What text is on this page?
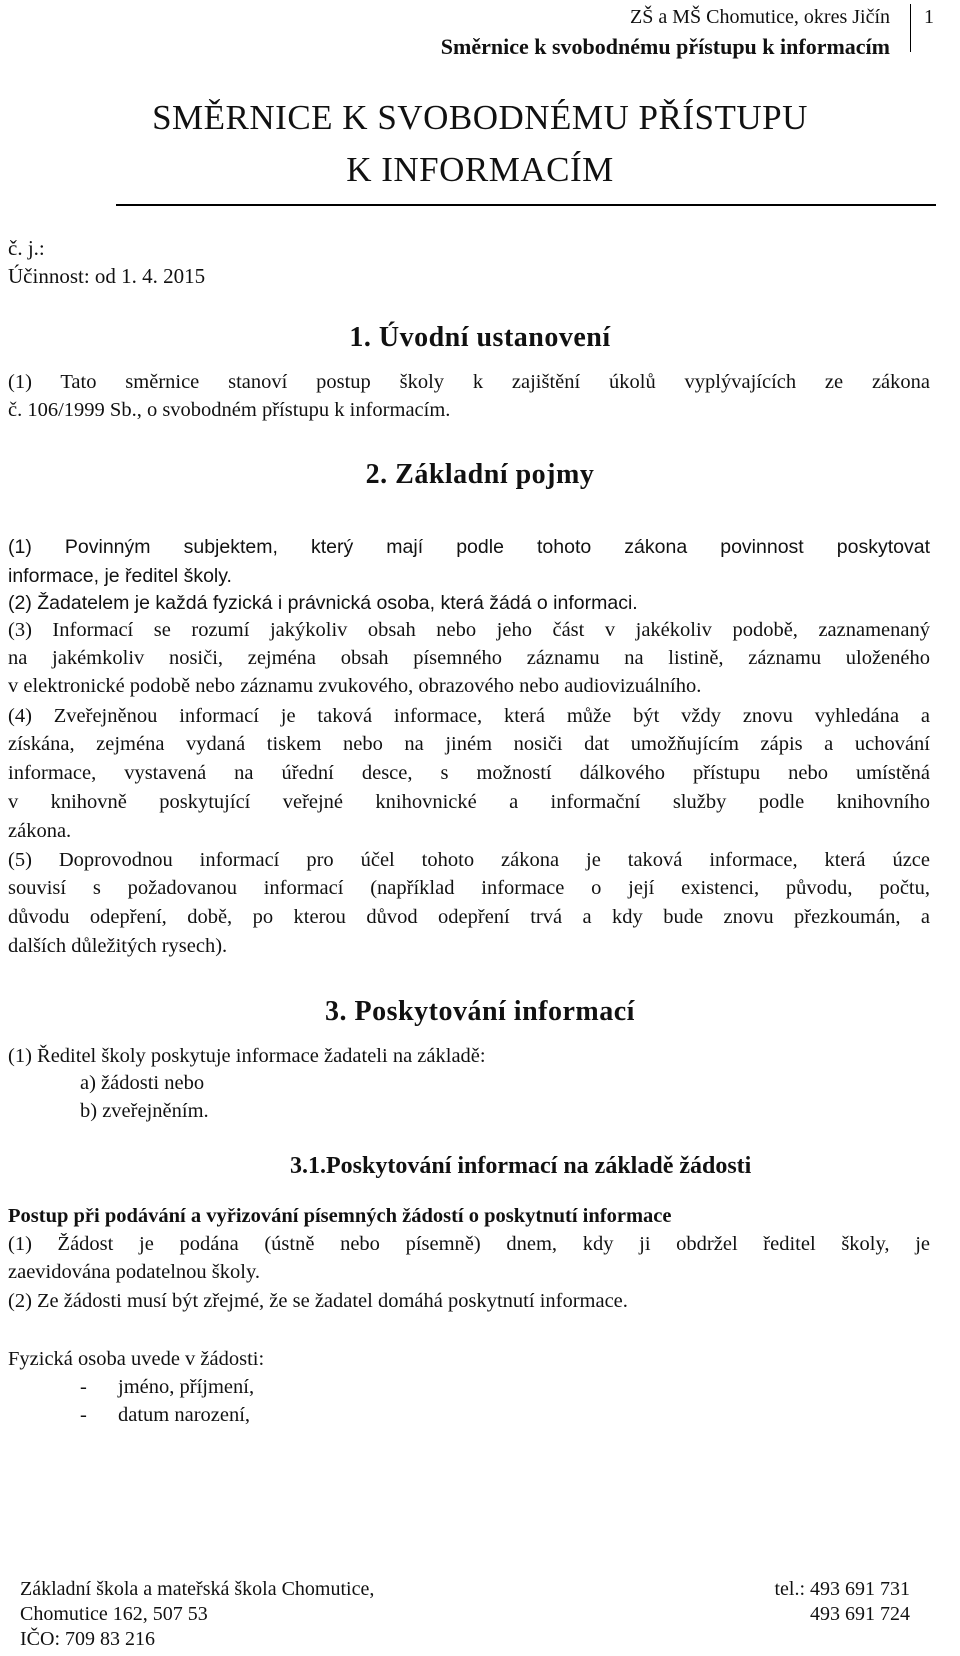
ZŠ a MŠ Chomutice, okres Jičín
Směrnice k svobodnému přístupu k informacím
1
SMĚRNICE K SVOBODNÉMU PŘÍSTUPU
K INFORMACÍM
č. j.:
Účinnost: od 1. 4. 2015
1. Úvodní ustanovení
(1) Tato směrnice stanoví postup školy k zajištění úkolů vyplývajících ze zákona
č. 106/1999 Sb., o svobodném přístupu k informacím.
2. Základní pojmy
(1) Povinným subjektem, který mají podle tohoto zákona povinnost poskytovat
informace, je ředitel školy.
(2) Žadatelem je každá fyzická i právnická osoba, která žádá o informaci.
(3) Informací se rozumí jakýkoliv obsah nebo jeho část v jakékoliv podobě, zaznamenaný
na jakémkoliv nosiči, zejména obsah písemného záznamu na listině, záznamu uloženého
v elektronické podobě nebo záznamu zvukového, obrazového nebo audiovizuálního.
(4) Zveřejněnou informací je taková informace, která může být vždy znovu vyhledána a
získána, zejména vydaná tiskem nebo na jiném nosiči dat umožňujícím zápis a uchování
informace, vystavená na úřední desce, s možností dálkového přístupu nebo umístěná
v knihovně poskytující veřejné knihovnické a informační služby podle knihovního
zákona.
(5) Doprovodnou informací pro účel tohoto zákona je taková informace, která úzce
souvisí s požadovanou informací (například informace o její existenci, původu, počtu,
důvodu odepření, době, po kterou důvod odepření trvá a kdy bude znovu přezkoumán, a
dalších důležitých rysech).
3. Poskytování informací
(1) Ředitel školy poskytuje informace žadateli na základě:
a) žádosti nebo
b) zveřejněním.
3.1.Poskytování informací na základě žádosti
Postup při podávání a vyřizování písemných žádostí o poskytnutí informace
(1) Žádost je podána (ústně nebo písemně) dnem, kdy ji obdržel ředitel školy, je
zaevidována podatelnou školy.
(2) Ze žádosti musí být zřejmé, že se žadatel domáhá poskytnutí informace.
Fyzická osoba uvede v žádosti:
- jméno, příjmení,
- datum narození,
Základní škola a mateřská škola Chomutice,
Chomutice 162, 507 53
IČO: 709 83 216
tel.: 493 691 731
493 691 724
